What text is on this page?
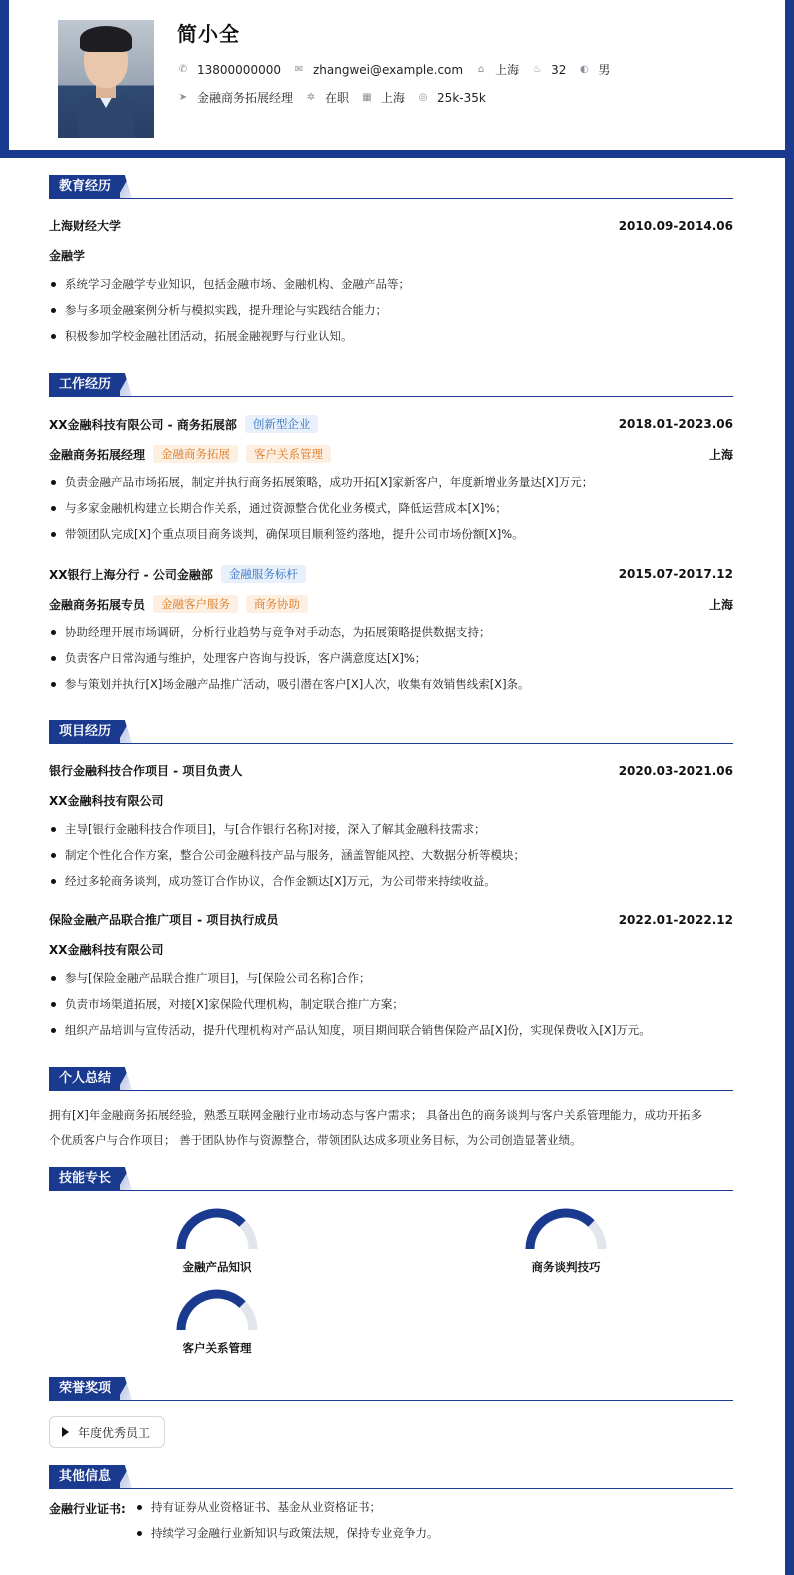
简小全
✆ 13800000000 ✉ zhangwei@example.com ⌂ 上海 ♨ 32 ◐ 男
➤ 金融商务拓展经理 ✲ 在职 ▦ 上海 ◎ 25k-35k
教育经历
上海财经大学	2010.09-2014.06
金融学
系统学习金融学专业知识，包括金融市场、金融机构、金融产品等；
参与多项金融案例分析与模拟实践，提升理论与实践结合能力；
积极参加学校金融社团活动，拓展金融视野与行业认知。
工作经历
XX金融科技有限公司 - 商务拓展部	创新型企业	2018.01-2023.06
金融商务拓展经理	金融商务拓展	客户关系管理	上海
负责金融产品市场拓展，制定并执行商务拓展策略，成功开拓[X]家新客户，年度新增业务量达[X]万元；
与多家金融机构建立长期合作关系，通过资源整合优化业务模式，降低运营成本[X]%；
带领团队完成[X]个重点项目商务谈判，确保项目顺利签约落地，提升公司市场份额[X]%。
XX银行上海分行 - 公司金融部	金融服务标杆	2015.07-2017.12
金融商务拓展专员	金融客户服务	商务协助	上海
协助经理开展市场调研，分析行业趋势与竞争对手动态，为拓展策略提供数据支持；
负责客户日常沟通与维护，处理客户咨询与投诉，客户满意度达[X]%；
参与策划并执行[X]场金融产品推广活动，吸引潜在客户[X]人次，收集有效销售线索[X]条。
项目经历
银行金融科技合作项目 - 项目负责人	2020.03-2021.06
XX金融科技有限公司
主导[银行金融科技合作项目]，与[合作银行名称]对接，深入了解其金融科技需求；
制定个性化合作方案，整合公司金融科技产品与服务，涵盖智能风控、大数据分析等模块；
经过多轮商务谈判，成功签订合作协议，合作金额达[X]万元，为公司带来持续收益。
保险金融产品联合推广项目 - 项目执行成员	2022.01-2022.12
XX金融科技有限公司
参与[保险金融产品联合推广项目]，与[保险公司名称]合作；
负责市场渠道拓展，对接[X]家保险代理机构，制定联合推广方案；
组织产品培训与宣传活动，提升代理机构对产品认知度，项目期间联合销售保险产品[X]份，实现保费收入[X]万元。
个人总结
拥有[X]年金融商务拓展经验，熟悉互联网金融行业市场动态与客户需求； 具备出色的商务谈判与客户关系管理能力，成功开拓多
个优质客户与合作项目； 善于团队协作与资源整合，带领团队达成多项业务目标，为公司创造显著业绩。
技能专长
金融产品知识	商务谈判技巧
客户关系管理
荣誉奖项
年度优秀员工
其他信息
金融行业证书:	持有证券从业资格证书、基金从业资格证书；
持续学习金融行业新知识与政策法规，保持专业竞争力。
